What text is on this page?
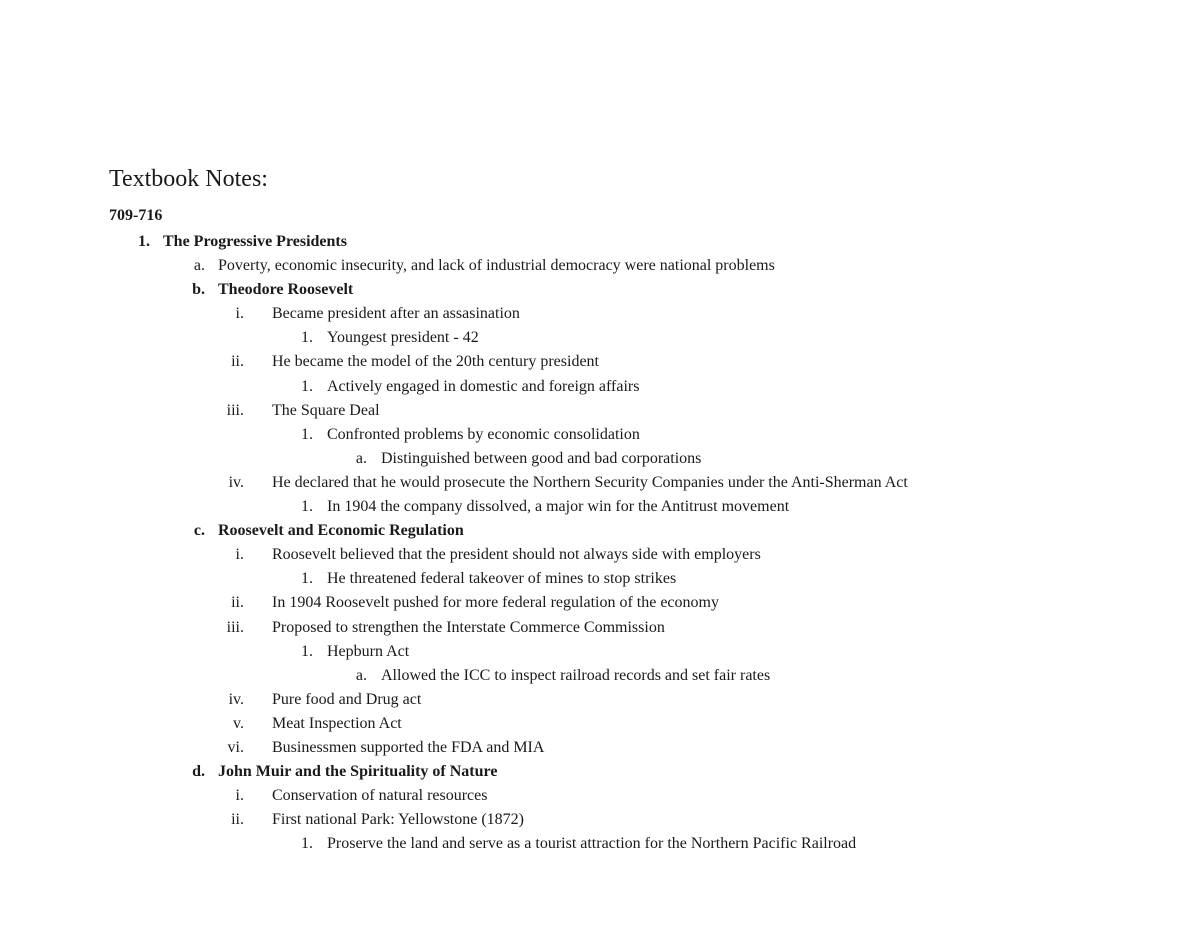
Textbook Notes:
709-716
1. The Progressive Presidents
a. Poverty, economic insecurity, and lack of industrial democracy were national problems
b. Theodore Roosevelt
i. Became president after an assasination
1. Youngest president - 42
ii. He became the model of the 20th century president
1. Actively engaged in domestic and foreign affairs
iii. The Square Deal
1. Confronted problems by economic consolidation
a. Distinguished between good and bad corporations
iv. He declared that he would prosecute the Northern Security Companies under the Anti-Sherman Act
1. In 1904 the company dissolved, a major win for the Antitrust movement
c. Roosevelt and Economic Regulation
i. Roosevelt believed that the president should not always side with employers
1. He threatened federal takeover of mines to stop strikes
ii. In 1904 Roosevelt pushed for more federal regulation of the economy
iii. Proposed to strengthen the Interstate Commerce Commission
1. Hepburn Act
a. Allowed the ICC to inspect railroad records and set fair rates
iv. Pure food and Drug act
v. Meat Inspection Act
vi. Businessmen supported the FDA and MIA
d. John Muir and the Spirituality of Nature
i. Conservation of natural resources
ii. First national Park: Yellowstone (1872)
1. Proserve the land and serve as a tourist attraction for the Northern Pacific Railroad
